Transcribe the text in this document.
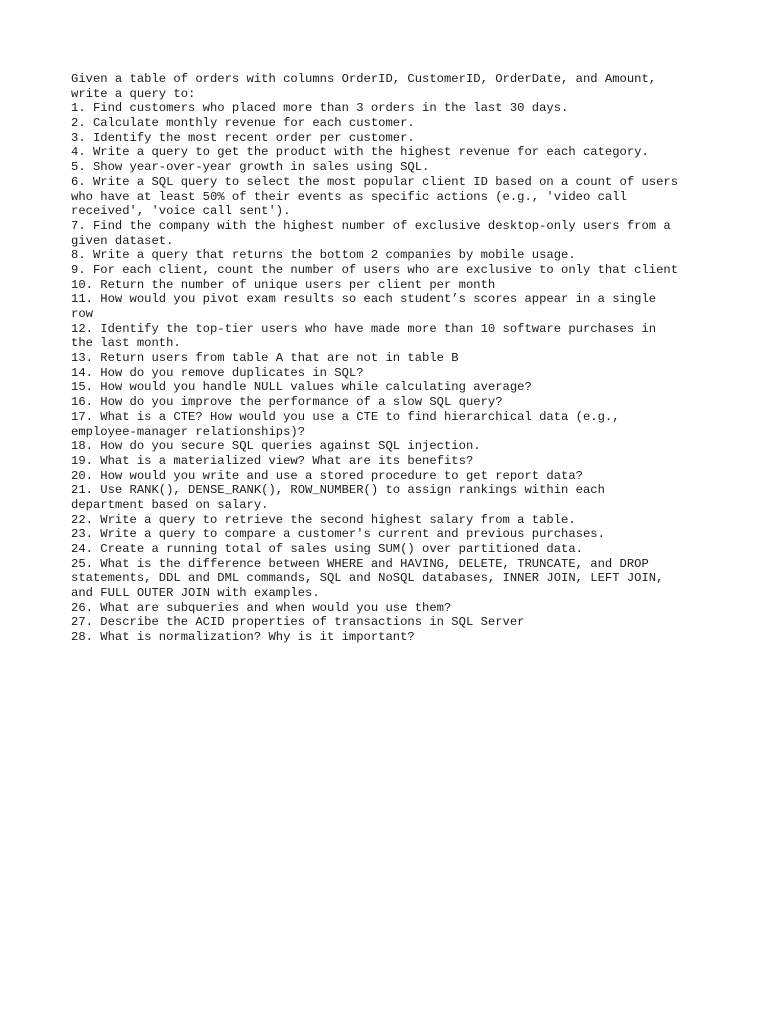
Given a table of orders with columns OrderID, CustomerID, OrderDate, and Amount,
write a query to:
1. Find customers who placed more than 3 orders in the last 30 days.
2. Calculate monthly revenue for each customer.
3. Identify the most recent order per customer.
4. Write a query to get the product with the highest revenue for each category.
5. Show year-over-year growth in sales using SQL.
6. Write a SQL query to select the most popular client ID based on a count of users
who have at least 50% of their events as specific actions (e.g., 'video call
received', 'voice call sent').
7. Find the company with the highest number of exclusive desktop-only users from a
given dataset.
8. Write a query that returns the bottom 2 companies by mobile usage.
9. For each client, count the number of users who are exclusive to only that client
10. Return the number of unique users per client per month
11. How would you pivot exam results so each student’s scores appear in a single
row
12. Identify the top-tier users who have made more than 10 software purchases in
the last month.
13. Return users from table A that are not in table B
14. How do you remove duplicates in SQL?
15. How would you handle NULL values while calculating average?
16. How do you improve the performance of a slow SQL query?
17. What is a CTE? How would you use a CTE to find hierarchical data (e.g.,
employee-manager relationships)?
18. How do you secure SQL queries against SQL injection.
19. What is a materialized view? What are its benefits?
20. How would you write and use a stored procedure to get report data?
21. Use RANK(), DENSE_RANK(), ROW_NUMBER() to assign rankings within each
department based on salary.
22. Write a query to retrieve the second highest salary from a table.
23. Write a query to compare a customer's current and previous purchases.
24. Create a running total of sales using SUM() over partitioned data.
25. What is the difference between WHERE and HAVING, DELETE, TRUNCATE, and DROP
statements, DDL and DML commands, SQL and NoSQL databases, INNER JOIN, LEFT JOIN,
and FULL OUTER JOIN with examples.
26. What are subqueries and when would you use them?
27. Describe the ACID properties of transactions in SQL Server
28. What is normalization? Why is it important?
